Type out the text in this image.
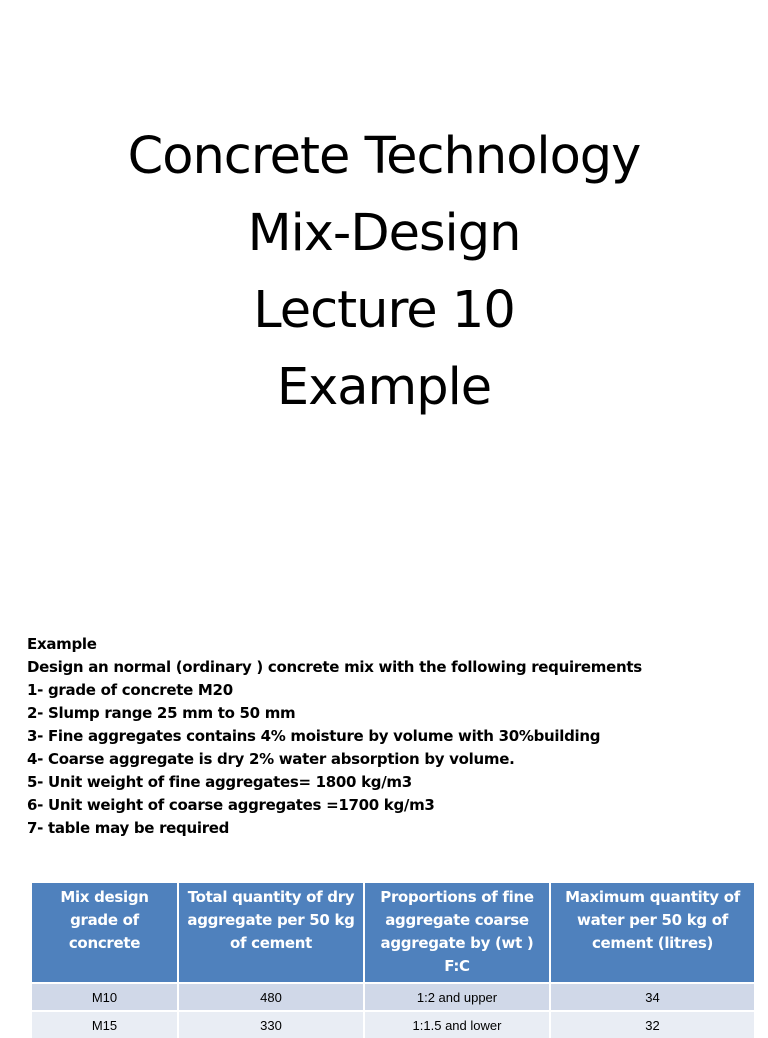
Concrete Technology

Mix-Design

Lecture 10

Example

Example

Design an normal (ordinary ) concrete mix with the following requirements

1- grade of concrete M20

2- Slump range 25 mm to 50 mm

3- Fine aggregates contains 4% moisture by volume with 30%building

4- Coarse aggregate is dry 2% water absorption by volume.

5- Unit weight of fine aggregates= 1800 kg/m3

6- Unit weight of coarse aggregates =1700 kg/m3

7- table may be required

Mix design grade of concrete	Total quantity of dry aggregate per 50 kg of cement	Proportions of fine aggregate coarse aggregate by (wt ) F:C	Maximum quantity of water per 50 kg of cement (litres)
M10	480	1:2 and upper	34
M15	330	1:1.5 and lower	32
